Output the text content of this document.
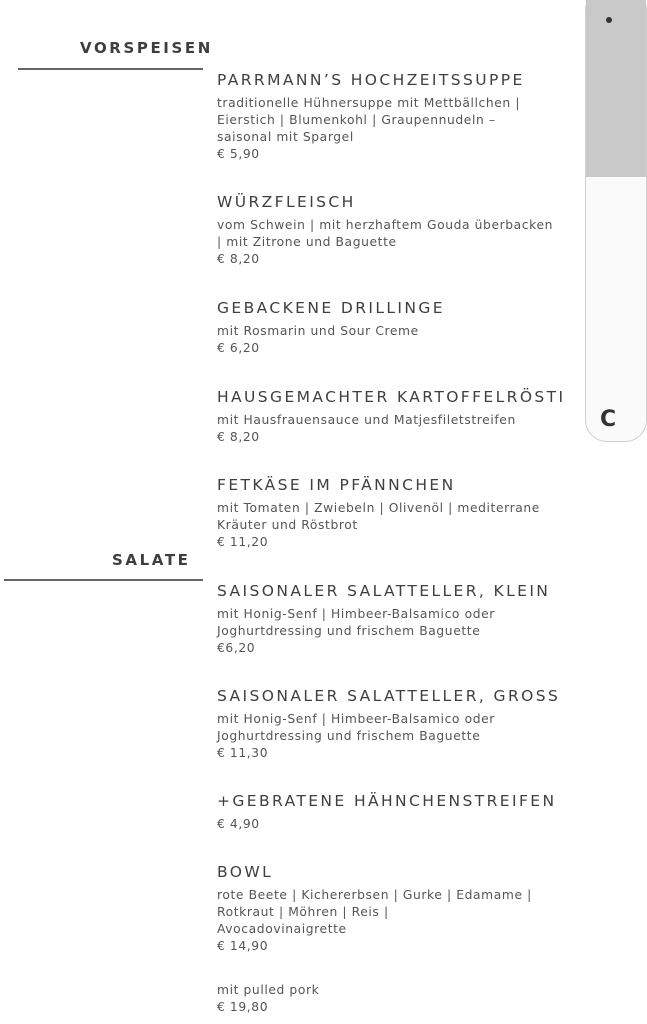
VORSPEISEN
SALATE
PARRMANN’S HOCHZEITSSUPPE
traditionelle Hühnersuppe mit Mettbällchen |
Eierstich | Blumenkohl | Graupennudeln –
saisonal mit Spargel
€ 5,90
WÜRZFLEISCH
vom Schwein | mit herzhaftem Gouda überbacken
| mit Zitrone und Baguette
€ 8,20
GEBACKENE DRILLINGE
mit Rosmarin und Sour Creme
€ 6,20
HAUSGEMACHTER KARTOFFELRÖSTI
mit Hausfrauensauce und Matjesfiletstreifen
€ 8,20
FETKÄSE IM PFÄNNCHEN
mit Tomaten | Zwiebeln | Olivenöl | mediterrane
Kräuter und Röstbrot
€ 11,20
SAISONALER SALATTELLER, KLEIN
mit Honig-Senf | Himbeer-Balsamico oder
Joghurtdressing und frischem Baguette
€6,20
SAISONALER SALATTELLER, GROSS
mit Honig-Senf | Himbeer-Balsamico oder
Joghurtdressing und frischem Baguette
€ 11,30
+GEBRATENE HÄHNCHENSTREIFEN
€ 4,90
BOWL
rote Beete | Kichererbsen | Gurke | Edamame |
Rotkraut | Möhren | Reis |
Avocadovinaigrette
€ 14,90
mit pulled pork
€ 19,80
C
